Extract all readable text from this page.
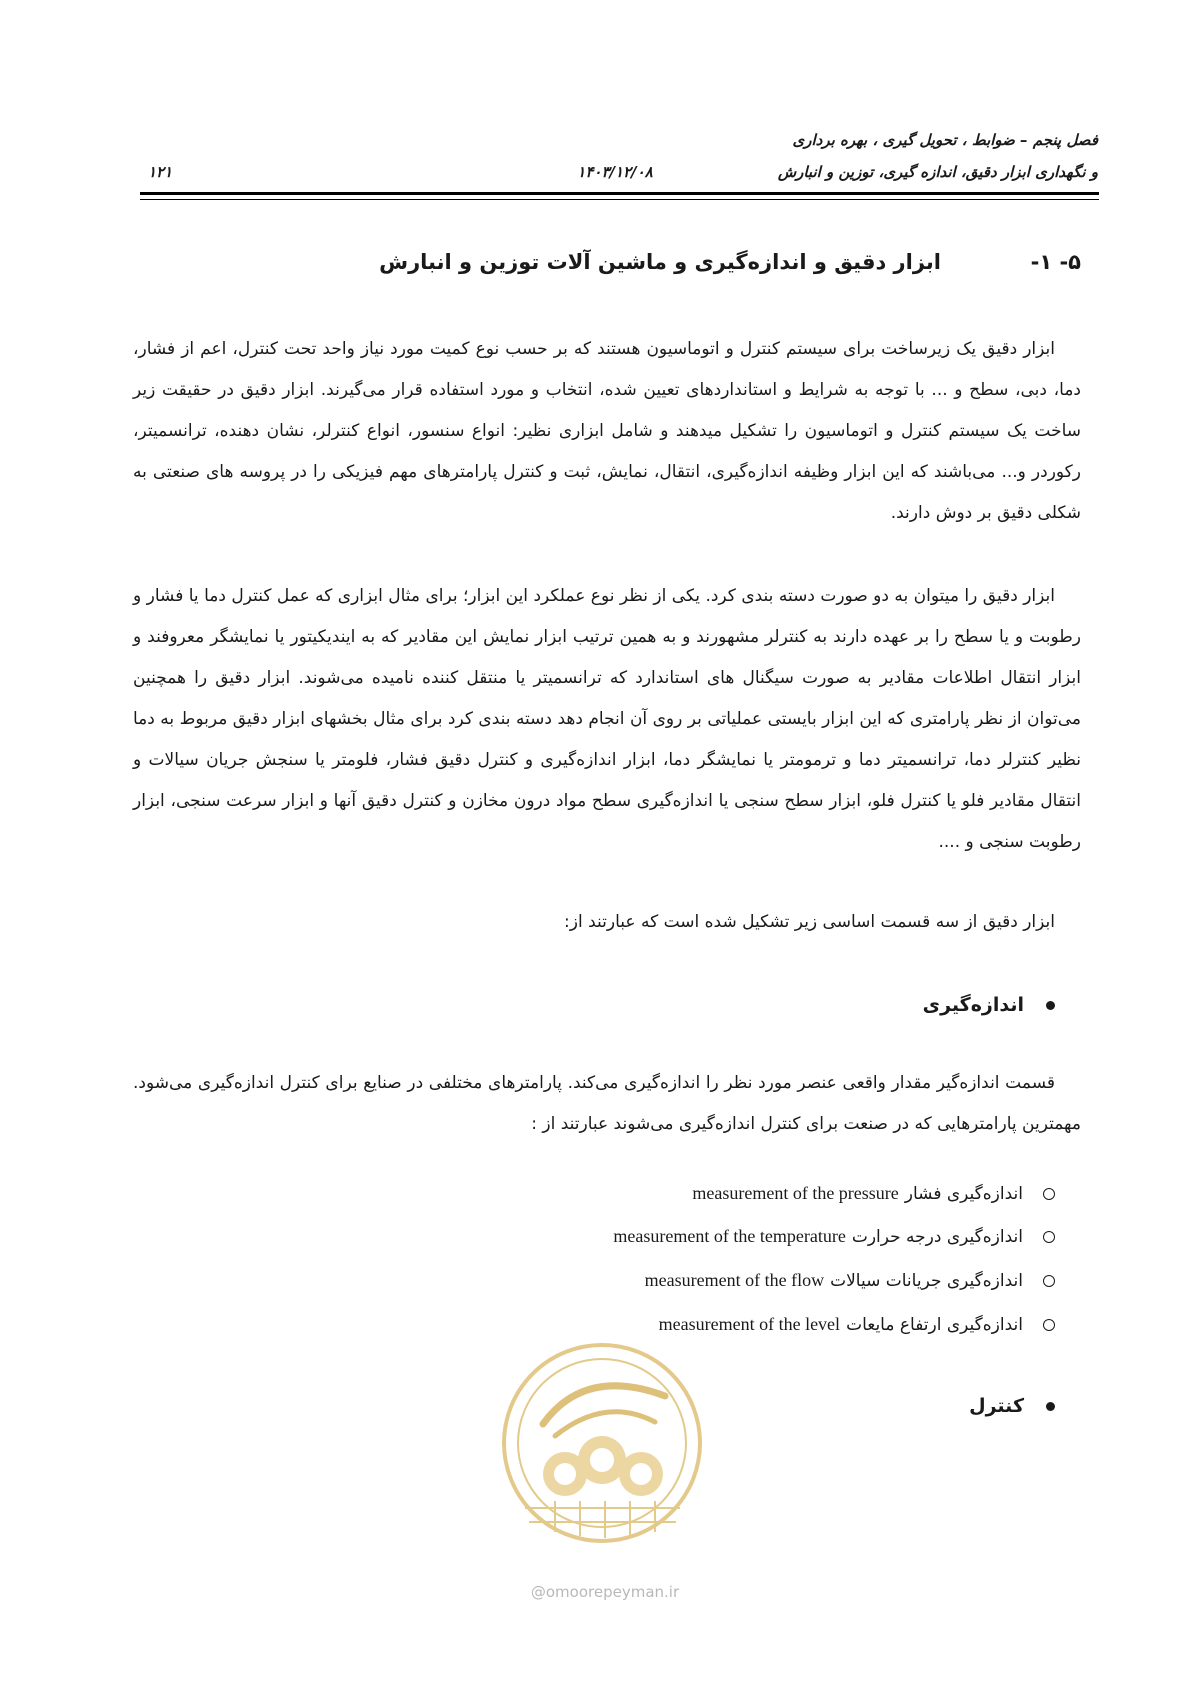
فصل پنجم – ضوابط ، تحویل گیری ، بهره برداری
و نگهداری ابزار دقیق، اندازه گیری، توزین و انبارش
۱۴۰۳/۱۲/۰۸
۱۲۱
۵- ۱-
ابزار دقیق و اندازه‌گیری و ماشین آلات توزین و انبارش
ابزار دقیق یک زیرساخت برای سیستم کنترل و اتوماسیون هستند که بر حسب نوع کمیت مورد نیاز واحد تحت کنترل، اعم از فشار، دما، دبی، سطح و ... با توجه به شرایط و استانداردهای تعیین شده، انتخاب و مورد استفاده قرار می‌گیرند. ابزار دقیق در حقیقت زیر ساخت یک سیستم کنترل و اتوماسیون را تشکیل میدهند و شامل ابزاری نظیر: انواع سنسور، انواع کنترلر، نشان دهنده، ترانسمیتر، رکوردر و... می‌باشند که این ابزار وظیفه اندازه‌گیری، انتقال، نمایش، ثبت و کنترل پارامترهای مهم فیزیکی را در پروسه های صنعتی به شکلی دقیق بر دوش دارند.
ابزار دقیق را میتوان به دو صورت دسته بندی کرد. یکی از نظر نوع عملکرد این ابزار؛ برای مثال ابزاری که عمل کنترل دما یا فشار و رطوبت و یا سطح را بر عهده دارند به کنترلر مشهورند و به همین ترتیب ابزار نمایش این مقادیر که به اینديکیتور یا نمایشگر معروفند و ابزار انتقال اطلاعات مقادیر به صورت سیگنال های استاندارد که ترانسمیتر یا منتقل کننده نامیده می‌شوند. ابزار دقیق را همچنین می‌توان از نظر پارامتری که این ابزار بایستی عملیاتی بر روی آن انجام دهد دسته بندی کرد برای مثال بخشهای ابزار دقیق مربوط به دما نظیر کنترلر دما، ترانسمیتر دما و ترمومتر یا نمایشگر دما، ابزار اندازه‌گیری و کنترل دقیق فشار، فلومتر یا سنجش جریان سیالات و انتقال مقادیر فلو یا کنترل فلو، ابزار سطح سنجی یا اندازه‌گیری سطح مواد درون مخازن و کنترل دقیق آنها و ابزار سرعت سنجی، ابزار رطوبت سنجی و ....
ابزار دقیق از سه قسمت اساسی زیر تشکیل شده است که عبارتند از:
اندازه‌گیری
قسمت اندازه‌گیر مقدار واقعی عنصر مورد نظر را اندازه‌گیری می‌کند. پارامترهای مختلفی در صنایع برای کنترل اندازه‌گیری می‌شود. مهمترین پارامترهایی که در صنعت برای کنترل اندازه‌گیری می‌شوند عبارتند از :
اندازه‌گیری فشارmeasurement of the pressure
اندازه‌گیری درجه حرارتmeasurement of the temperature
اندازه‌گیری جریانات سیالاتmeasurement of the flow
اندازه‌گیری ارتفاع مایعاتmeasurement of the level
کنترل
@omoorepeyman.ir
